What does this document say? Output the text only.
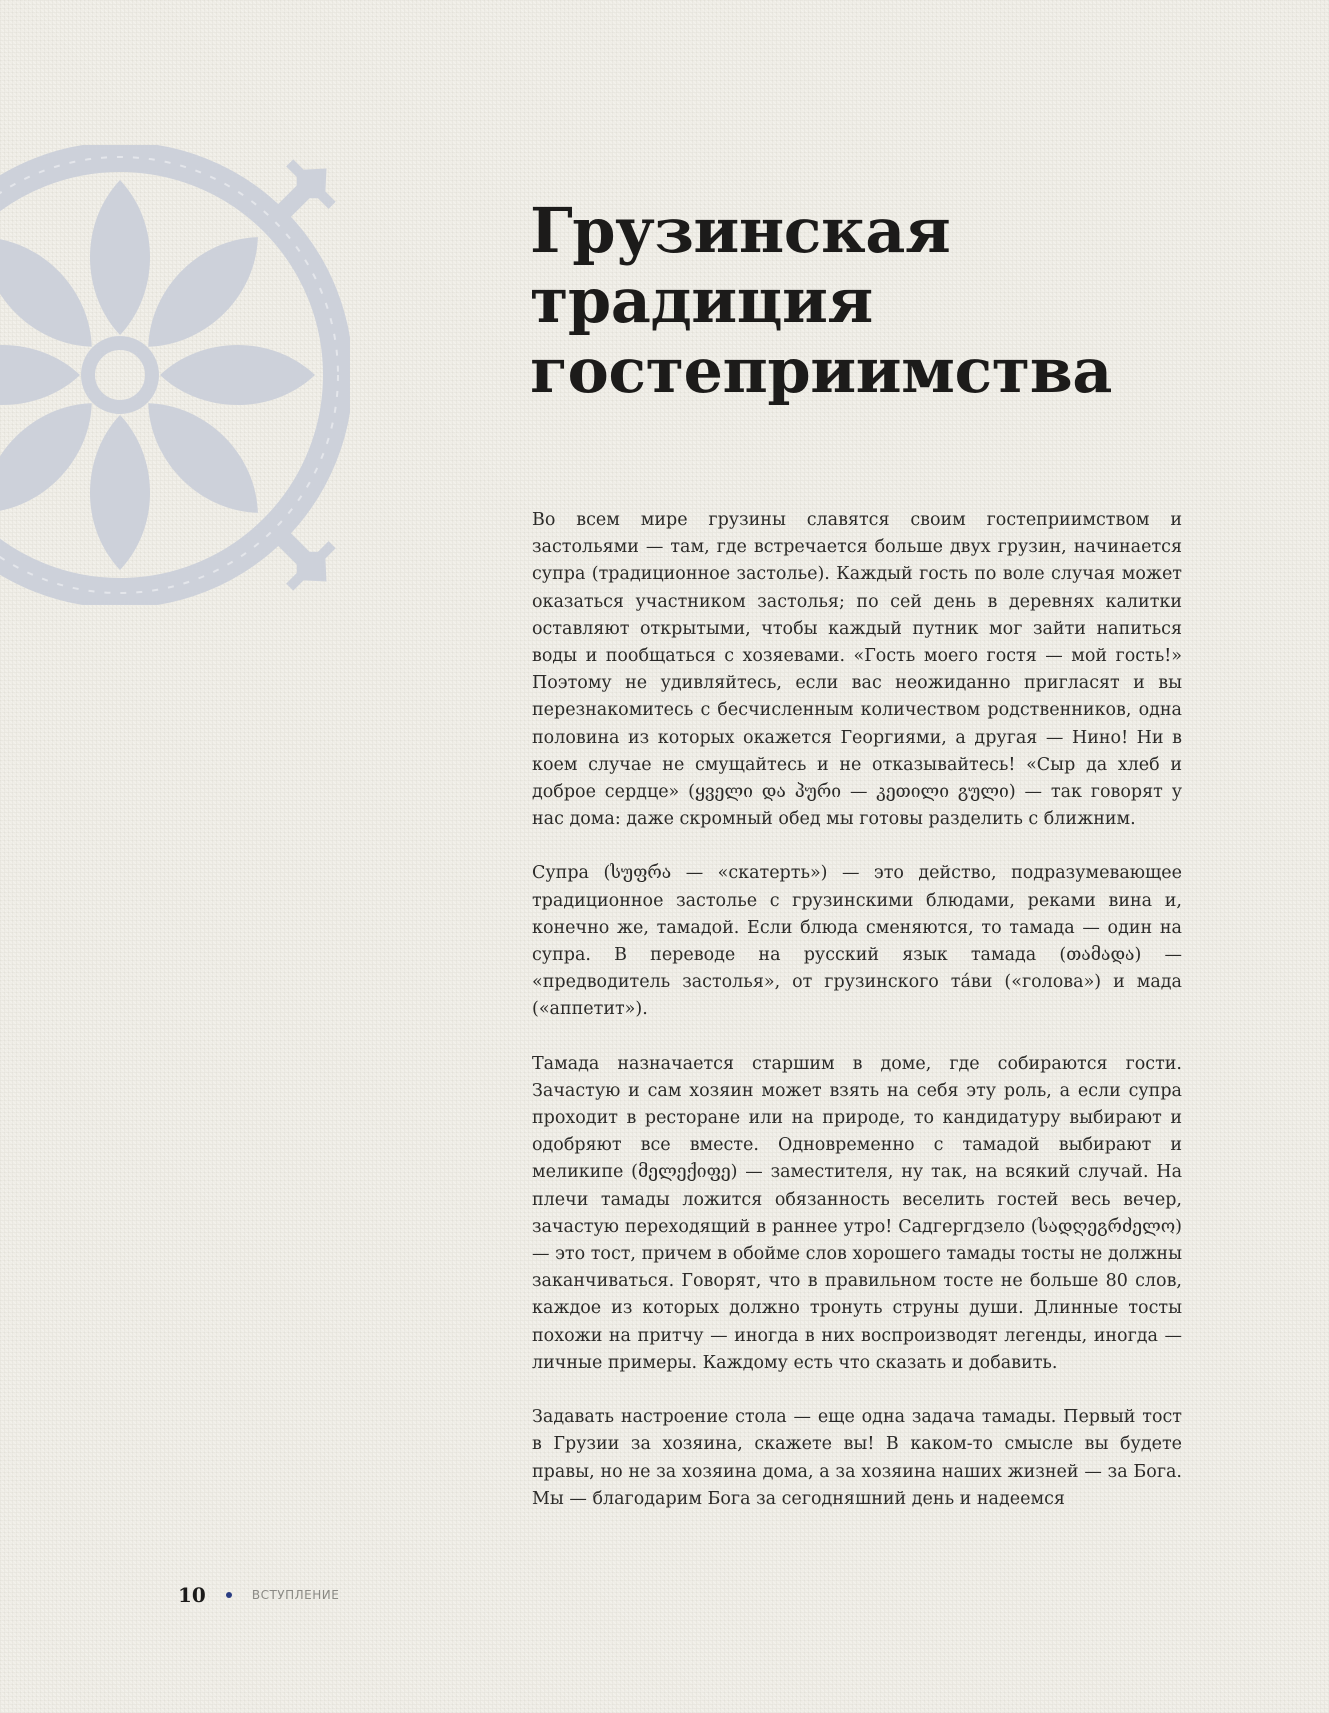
Грузинская
традиция
гостеприимства

Во всем мире грузины славятся своим гостеприимством и застольями — там, где встречается больше двух грузин, начинается супра (традиционное застолье). Каждый гость по воле случая может оказаться участником застолья; по сей день в деревнях калитки оставляют открытыми, чтобы каждый путник мог зайти напиться воды и пообщаться с хозяевами. «Гость моего гостя — мой гость!» Поэтому не удивляйтесь, если вас неожиданно пригласят и вы перезнакомитесь с бесчисленным количеством родственников, одна половина из которых окажется Георгиями, а другая — Нино! Ни в коем случае не смущайтесь и не отказывайтесь! «Сыр да хлеб и доброе сердце» (ყველი და პური — კეთილი გული) — так говорят у нас дома: даже скромный обед мы готовы разделить с ближним.

Супра (სუფრა — «скатерть») — это действо, подразумевающее традиционное застолье с грузинскими блюдами, реками вина и, конечно же, тамадой. Если блюда сменяются, то тамада — один на супра. В переводе на русский язык тамада (თამადა) — «предводитель застолья», от грузинского та́ви («голова») и мада («аппетит»).

Тамада назначается старшим в доме, где собираются гости. Зачастую и сам хозяин может взять на себя эту роль, а если супра проходит в ресторане или на природе, то кандидатуру выбирают и одобряют все вместе. Одновременно с тамадой выбирают и меликипе (მელექიფე) — заместителя, ну так, на всякий случай. На плечи тамады ложится обязанность веселить гостей весь вечер, зачастую переходящий в раннее утро! Садгергдзело (სადღეგრძელო) — это тост, причем в обойме слов хорошего тамады тосты не должны заканчиваться. Говорят, что в правильном тосте не больше 80 слов, каждое из которых должно тронуть струны души. Длинные тосты похожи на притчу — иногда в них воспроизводят легенды, иногда — личные примеры. Каждому есть что сказать и добавить.

Задавать настроение стола — еще одна задача тамады. Первый тост в Грузии за хозяина, скажете вы! В каком-то смысле вы будете правы, но не за хозяина дома, а за хозяина наших жизней — за Бога. Мы — благодарим Бога за сегодняшний день и надеемся

10	ВСТУПЛЕНИЕ
